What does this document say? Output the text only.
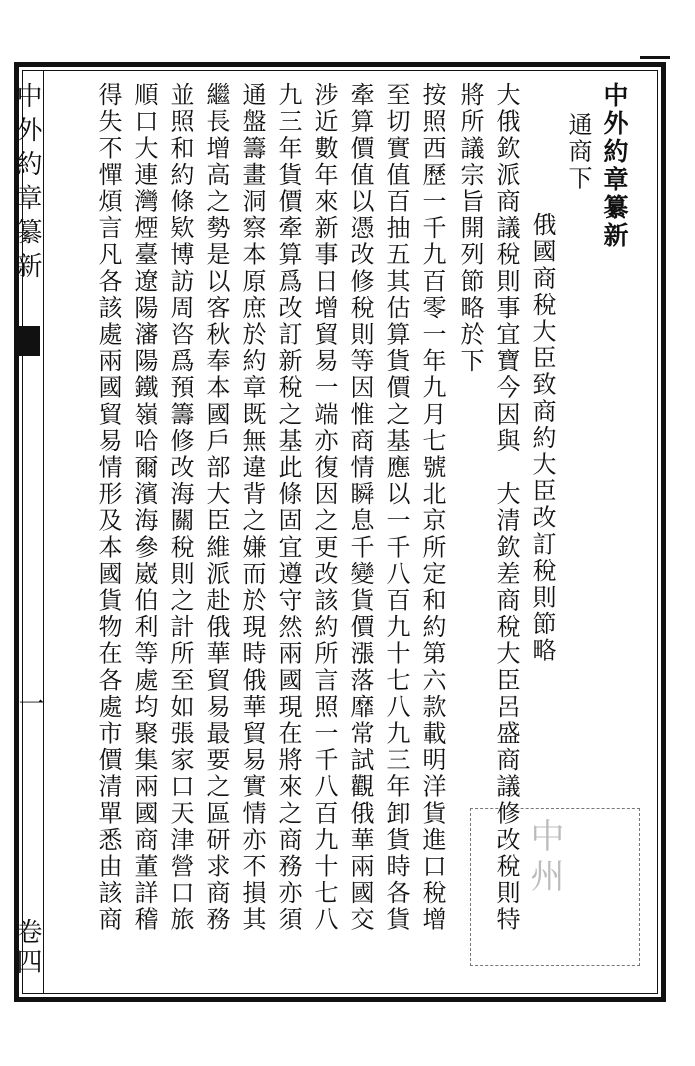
中外約章纂新
一
卷四
中州
中外約章纂新
通商下
俄國商稅大臣致商約大臣改訂稅則節略
大俄欽派商議稅則事宜寶今因與　大清欽差商稅大臣呂盛商議修改稅則特
將所議宗旨開列節略於下
按照西歷一千九百零一年九月七號北京所定和約第六款載明洋貨進口稅增
至切實值百抽五其估算貨價之基應以一千八百九十七八九三年卸貨時各貨
牽算價值以憑改修稅則等因惟商情瞬息千變貨價漲落靡常試觀俄華兩國交
涉近數年來新事日增貿易一端亦復因之更改該約所言照一千八百九十七八
九三年貨價牽算爲改訂新稅之基此條固宜遵守然兩國現在將來之商務亦須
通盤籌畫洞察本原庶於約章既無違背之嫌而於現時俄華貿易實情亦不損其
繼長增高之勢是以客秋奉本國戶部大臣維派赴俄華貿易最要之區研求商務
並照和約條欵博訪周咨爲預籌修改海關稅則之計所至如張家口天津營口旅
順口大連灣煙臺遼陽瀋陽鐵嶺哈爾濱海參崴伯利等處均聚集兩國商董詳稽
得失不憚煩言凡各該處兩國貿易情形及本國貨物在各處市價清單悉由該商
